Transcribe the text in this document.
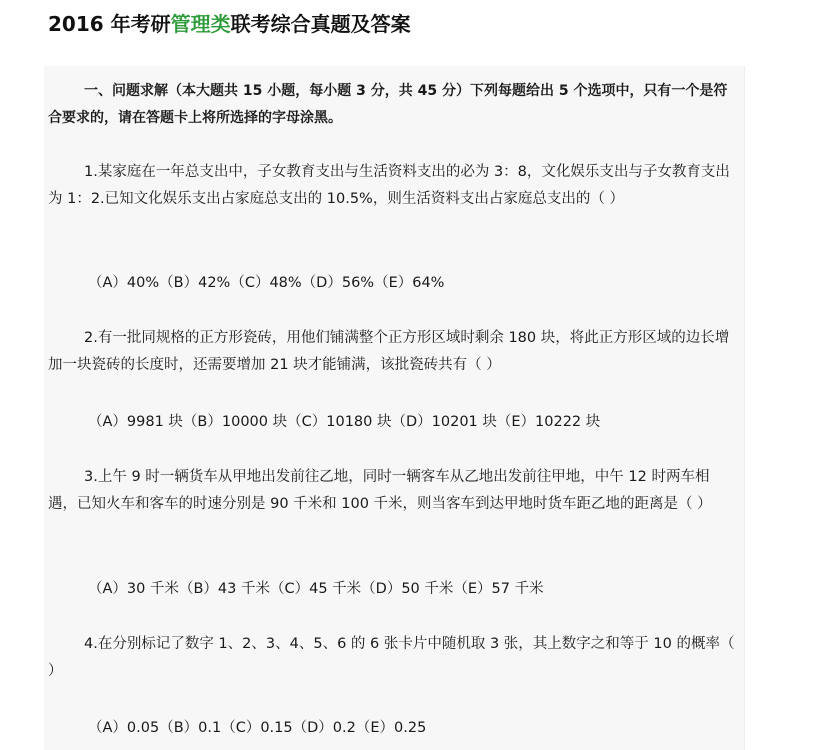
2016 年考研管理类联考综合真题及答案

一、问题求解（本大题共 15 小题，每小题 3 分，共 45 分）下列每题给出 5 个选项中，只有一个是符合要求的，请在答题卡上将所选择的字母涂黑。

1.某家庭在一年总支出中，子女教育支出与生活资料支出的必为 3：8，文化娱乐支出与子女教育支出为 1：2.已知文化娱乐支出占家庭总支出的 10.5%，则生活资料支出占家庭总支出的（ ）

（A）40%（B）42%（C）48%（D）56%（E）64%

2.有一批同规格的正方形瓷砖，用他们铺满整个正方形区域时剩余 180 块，将此正方形区域的边长增加一块瓷砖的长度时，还需要增加 21 块才能铺满，该批瓷砖共有（ ）

（A）9981 块（B）10000 块（C）10180 块（D）10201 块（E）10222 块

3.上午 9 时一辆货车从甲地出发前往乙地，同时一辆客车从乙地出发前往甲地，中午 12 时两车相遇，已知火车和客车的时速分别是 90 千米和 100 千米，则当客车到达甲地时货车距乙地的距离是（ ）

（A）30 千米（B）43 千米（C）45 千米（D）50 千米（E）57 千米

4.在分别标记了数字 1、2、3、4、5、6 的 6 张卡片中随机取 3 张，其上数字之和等于 10 的概率（ ）

（A）0.05（B）0.1（C）0.15（D）0.2（E）0.25
